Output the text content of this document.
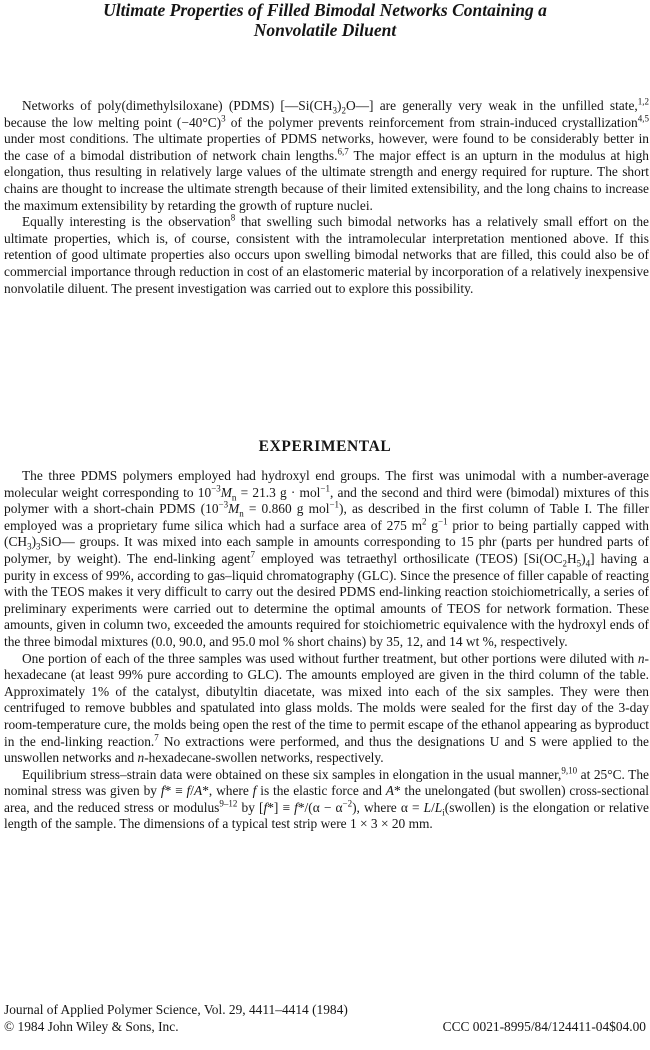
Ultimate Properties of Filled Bimodal Networks Containing a
Nonvolatile Diluent

Networks of poly(dimethylsiloxane) (PDMS) $[—Si(CH_3)_2O—]$ are generally very weak in the unfilled state,$^{1,2}$ because the low melting point $(-40^\circ C)^3$ of the polymer prevents reinforcement from strain-induced crystallization$^{4,5}$ under most conditions. The ultimate properties of PDMS networks, however, were found to be considerably better in the case of a bimodal distribution of network chain lengths.$^{6,7}$ The major effect is an upturn in the modulus at high elongation, thus resulting in relatively large values of the ultimate strength and energy required for rupture. The short chains are thought to increase the ultimate strength because of their limited extensibility, and the long chains to increase the maximum extensibility by retarding the growth of rupture nuclei.

Equally interesting is the observation$^8$ that swelling such bimodal networks has a relatively small effort on the ultimate properties, which is, of course, consistent with the intramolecular interpretation mentioned above. If this retention of good ultimate properties also occurs upon swelling bimodal networks that are filled, this could also be of commercial importance through reduction in cost of an elastomeric material by incorporation of a relatively inexpensive nonvolatile diluent. The present investigation was carried out to explore this possibility.

EXPERIMENTAL

The three PDMS polymers employed had hydroxyl end groups. The first was unimodal with a number-average molecular weight corresponding to $10^{-3}M_n = 21.3$ g · mol$^{-1}$, and the second and third were (bimodal) mixtures of this polymer with a short-chain PDMS ($10^{-3}M_n = 0.860$ g mol$^{-1}$), as described in the first column of Table I. The filler employed was a proprietary fume silica which had a surface area of 275 $m^2$ $g^{-1}$ prior to being partially capped with $(CH_3)_3SiO—$ groups. It was mixed into each sample in amounts corresponding to 15 phr (parts per hundred parts of polymer, by weight). The end-linking agent$^7$ employed was tetraethyl orthosilicate (TEOS) $[Si(OC_2H_5)_4]$ having a purity in excess of 99%, according to gas–liquid chromatography (GLC). Since the presence of filler capable of reacting with the TEOS makes it very difficult to carry out the desired PDMS end-linking reaction stoichiometrically, a series of preliminary experiments were carried out to determine the optimal amounts of TEOS for network formation. These amounts, given in column two, exceeded the amounts required for stoichiometric equivalence with the hydroxyl ends of the three bimodal mixtures (0.0, 90.0, and 95.0 mol % short chains) by 35, 12, and 14 wt %, respectively.

One portion of each of the three samples was used without further treatment, but other portions were diluted with n-hexadecane (at least 99% pure according to GLC). The amounts employed are given in the third column of the table. Approximately 1% of the catalyst, dibutyltin diacetate, was mixed into each of the six samples. They were then centrifuged to remove bubbles and spatulated into glass molds. The molds were sealed for the first day of the 3-day room-temperature cure, the molds being open the rest of the time to permit escape of the ethanol appearing as byproduct in the end-linking reaction.$^7$ No extractions were performed, and thus the designations U and S were applied to the unswollen networks and n-hexadecane-swollen networks, respectively.

Equilibrium stress–strain data were obtained on these six samples in elongation in the usual manner,$^{9,10}$ at 25°C. The nominal stress was given by f* ≡ f/A*, where f is the elastic force and A* the unelongated (but swollen) cross-sectional area, and the reduced stress or modulus$^{9-12}$ by $[f*] \equiv f*/(\alpha - \alpha^{-2})$, where $\alpha = L/L_i(swollen)$ is the elongation or relative length of the sample. The dimensions of a typical test strip were 1 × 3 × 20 mm.

Journal of Applied Polymer Science, Vol. 29, 4411–4414 (1984)
© 1984 John Wiley & Sons, Inc.	CCC 0021-8995/84/124411-04$04.00
